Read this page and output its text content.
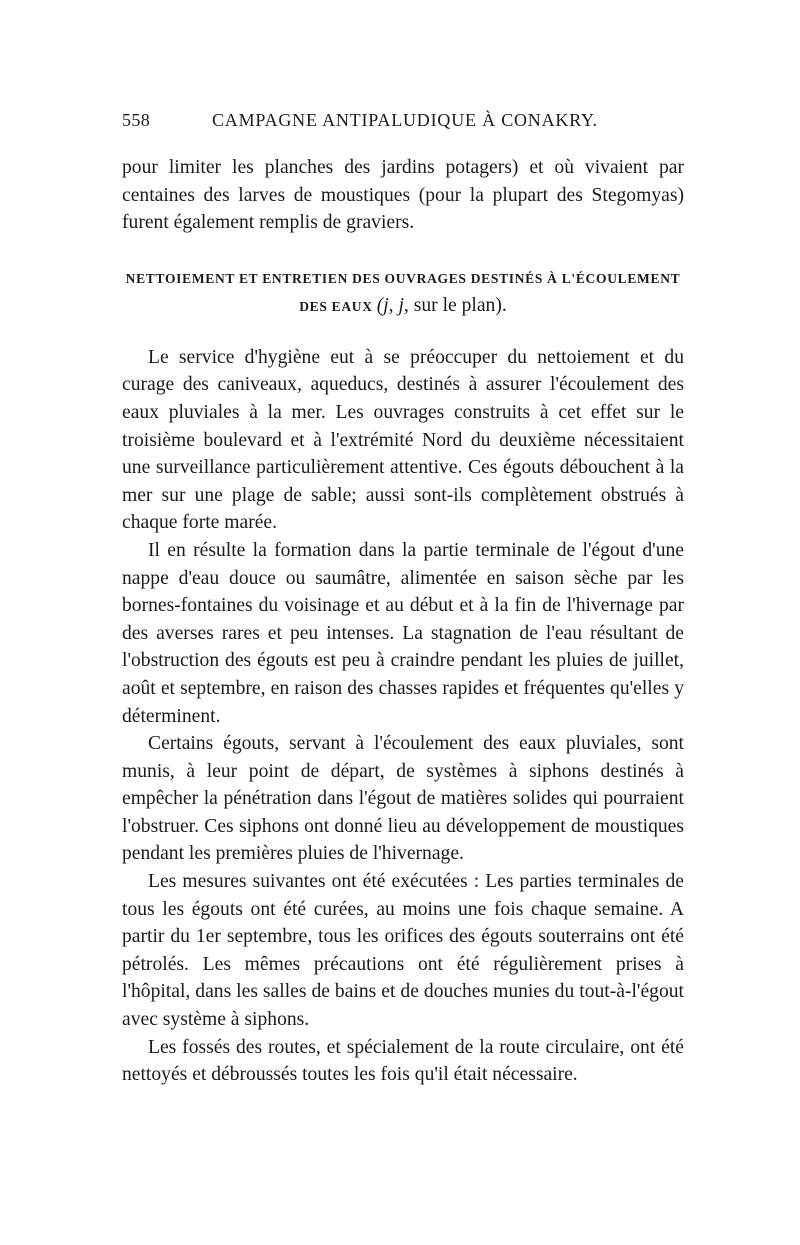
558	CAMPAGNE ANTIPALUDIQUE À CONAKRY.

pour limiter les planches des jardins potagers) et où vivaient par centaines des larves de moustiques (pour la plupart des Stegomyas) furent également remplis de graviers.

NETTOIEMENT ET ENTRETIEN DES OUVRAGES DESTINÉS À L'ÉCOULEMENT
DES EAUX (j, j, sur le plan).

Le service d'hygiène eut à se préoccuper du nettoiement et du curage des caniveaux, aqueducs, destinés à assurer l'écoulement des eaux pluviales à la mer. Les ouvrages construits à cet effet sur le troisième boulevard et à l'extrémité Nord du deuxième nécessitaient une surveillance particulièrement attentive. Ces égouts débouchent à la mer sur une plage de sable; aussi sont-ils complètement obstrués à chaque forte marée.

Il en résulte la formation dans la partie terminale de l'égout d'une nappe d'eau douce ou saumâtre, alimentée en saison sèche par les bornes-fontaines du voisinage et au début et à la fin de l'hivernage par des averses rares et peu intenses. La stagnation de l'eau résultant de l'obstruction des égouts est peu à craindre pendant les pluies de juillet, août et septembre, en raison des chasses rapides et fréquentes qu'elles y déterminent.

Certains égouts, servant à l'écoulement des eaux pluviales, sont munis, à leur point de départ, de systèmes à siphons destinés à empêcher la pénétration dans l'égout de matières solides qui pourraient l'obstruer. Ces siphons ont donné lieu au développement de moustiques pendant les premières pluies de l'hivernage.

Les mesures suivantes ont été exécutées : Les parties terminales de tous les égouts ont été curées, au moins une fois chaque semaine. A partir du 1er septembre, tous les orifices des égouts souterrains ont été pétrolés. Les mêmes précautions ont été régulièrement prises à l'hôpital, dans les salles de bains et de douches munies du tout-à-l'égout avec système à siphons.

Les fossés des routes, et spécialement de la route circulaire, ont été nettoyés et débroussés toutes les fois qu'il était nécessaire.
